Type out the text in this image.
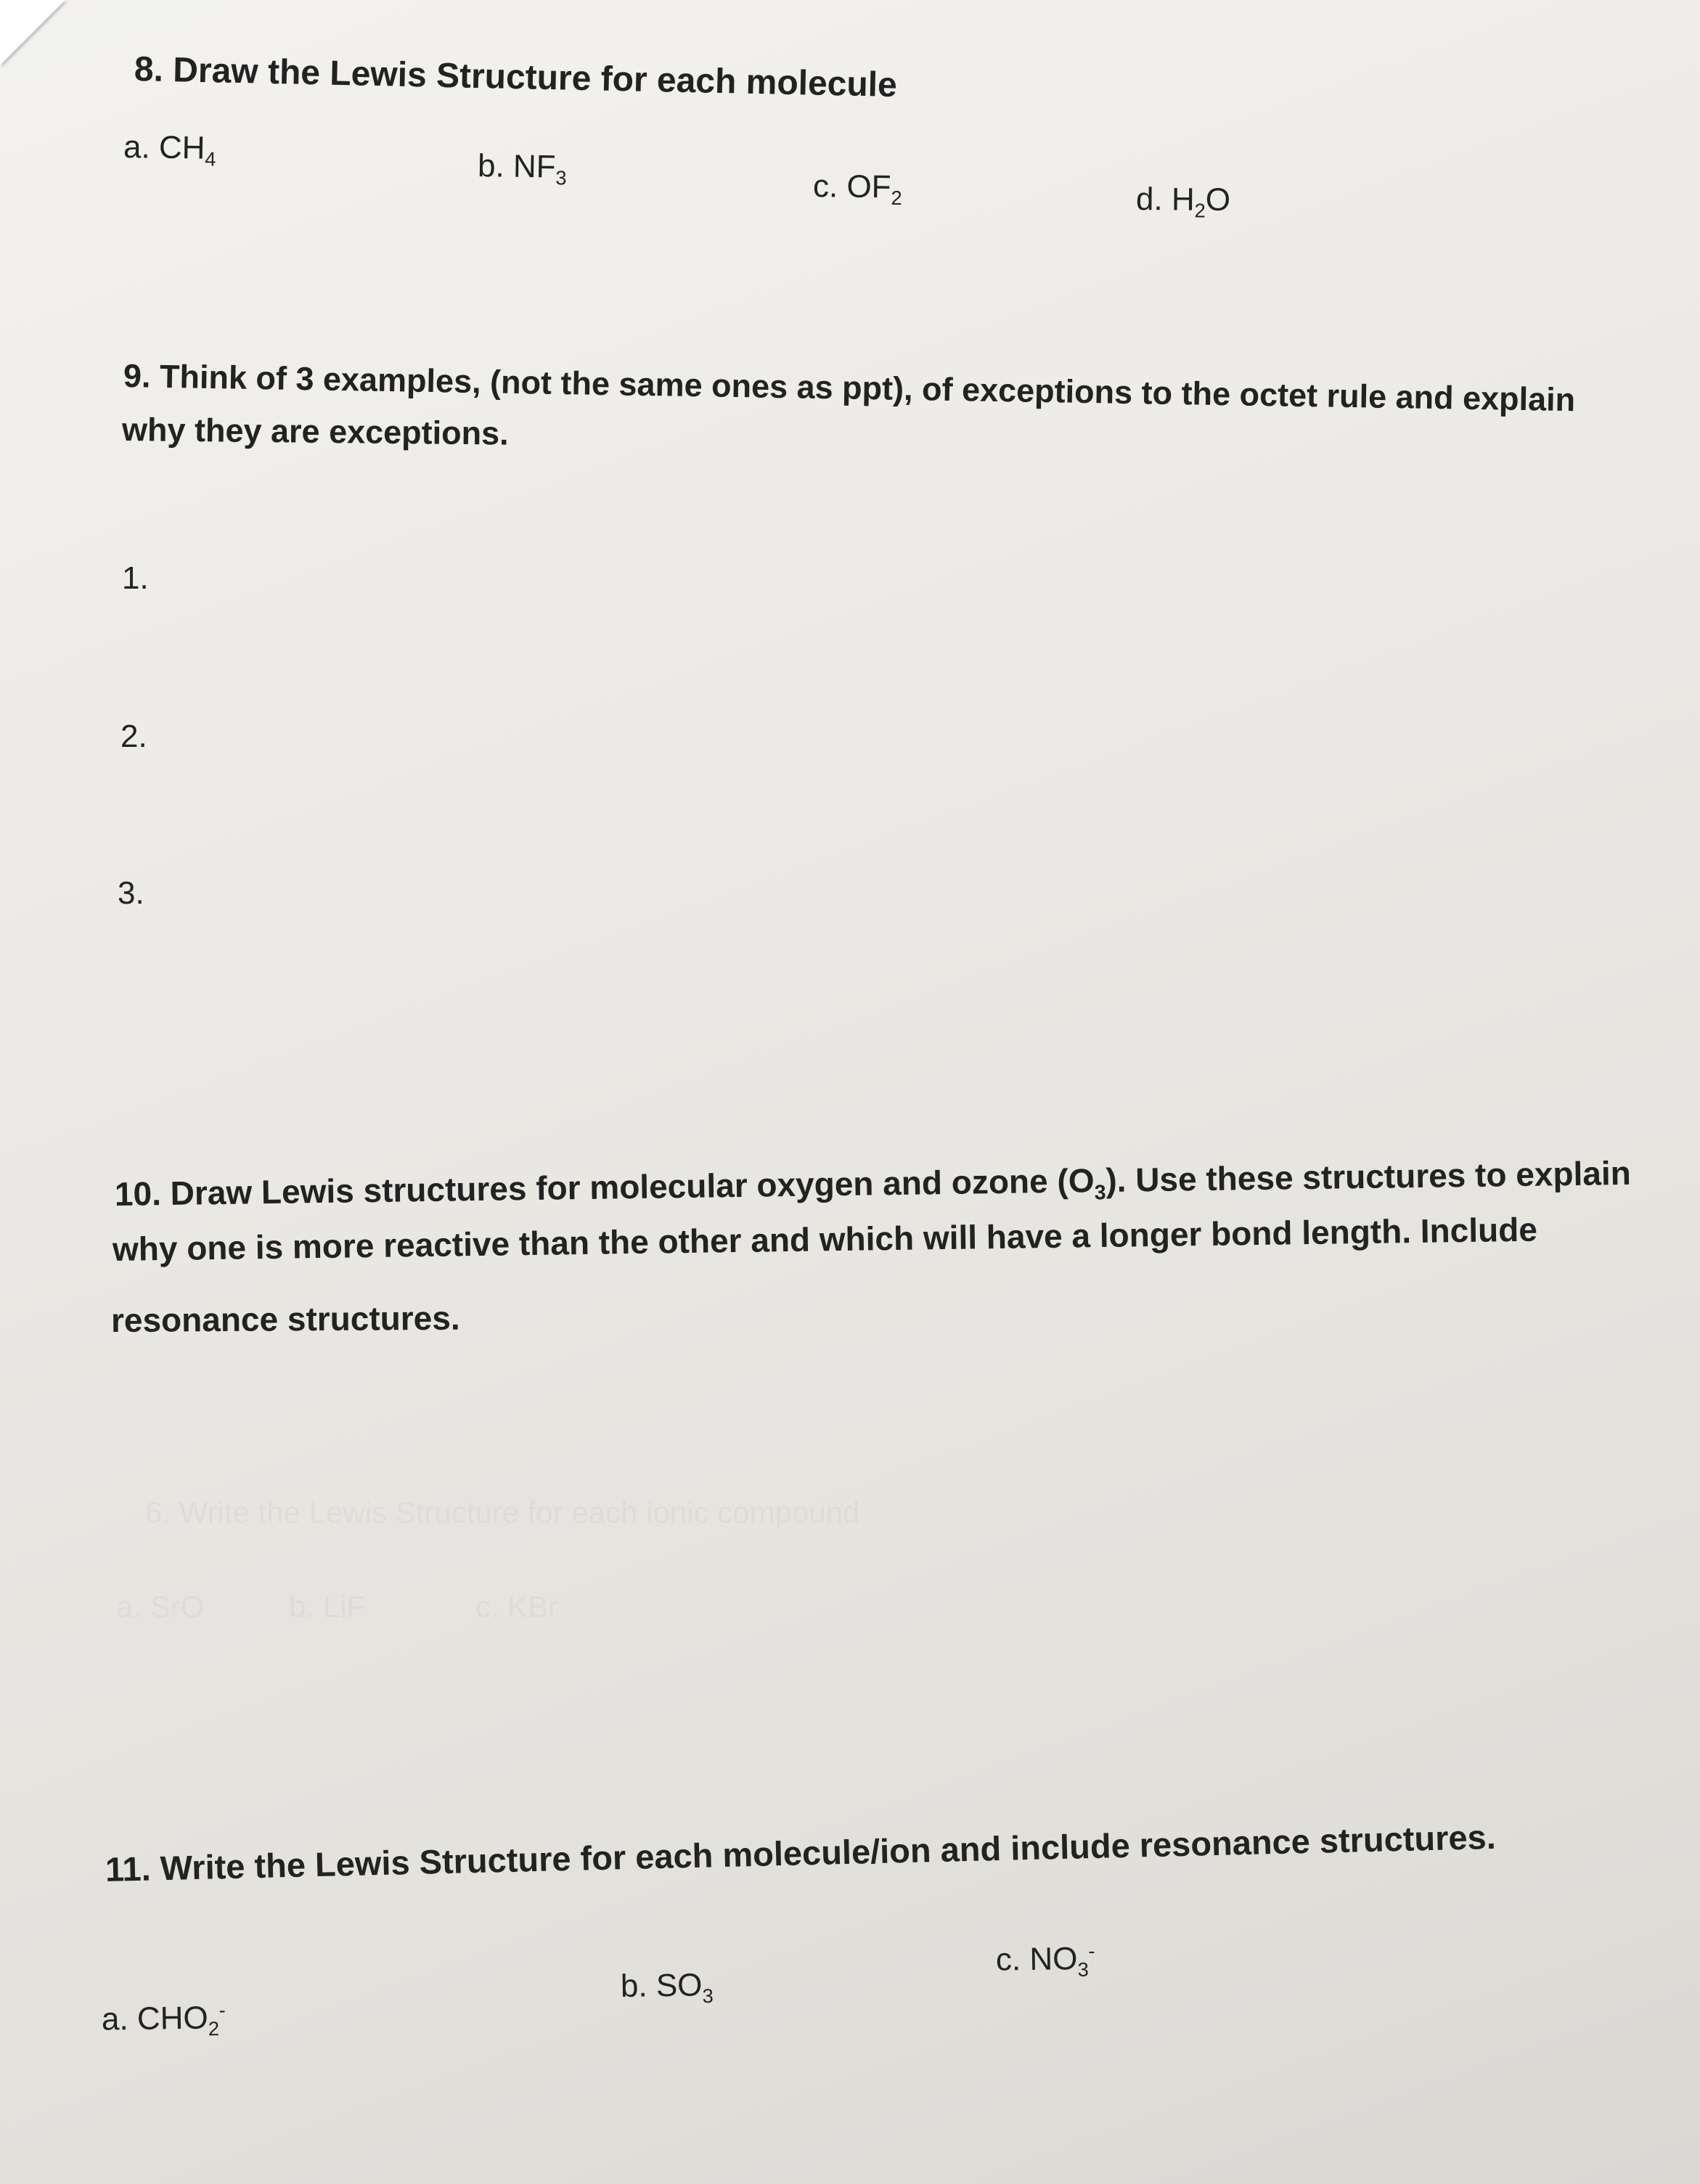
8. Draw the Lewis Structure for each molecule

a. $CH_4$	b. $NF_3$	c. $OF_2$	d. $H_2O$

9. Think of 3 examples, (not the same ones as ppt), of exceptions to the octet rule and explain

why they are exceptions.

1.

2.

3.

10. Draw Lewis structures for molecular oxygen and ozone $(O_3)$. Use these structures to explain

why one is more reactive than the other and which will have a longer bond length. Include

resonance structures.

11. Write the Lewis Structure for each molecule/ion and include resonance structures.

a. $CHO_2^-$

b. $SO_3$

c. $NO_3^-$
